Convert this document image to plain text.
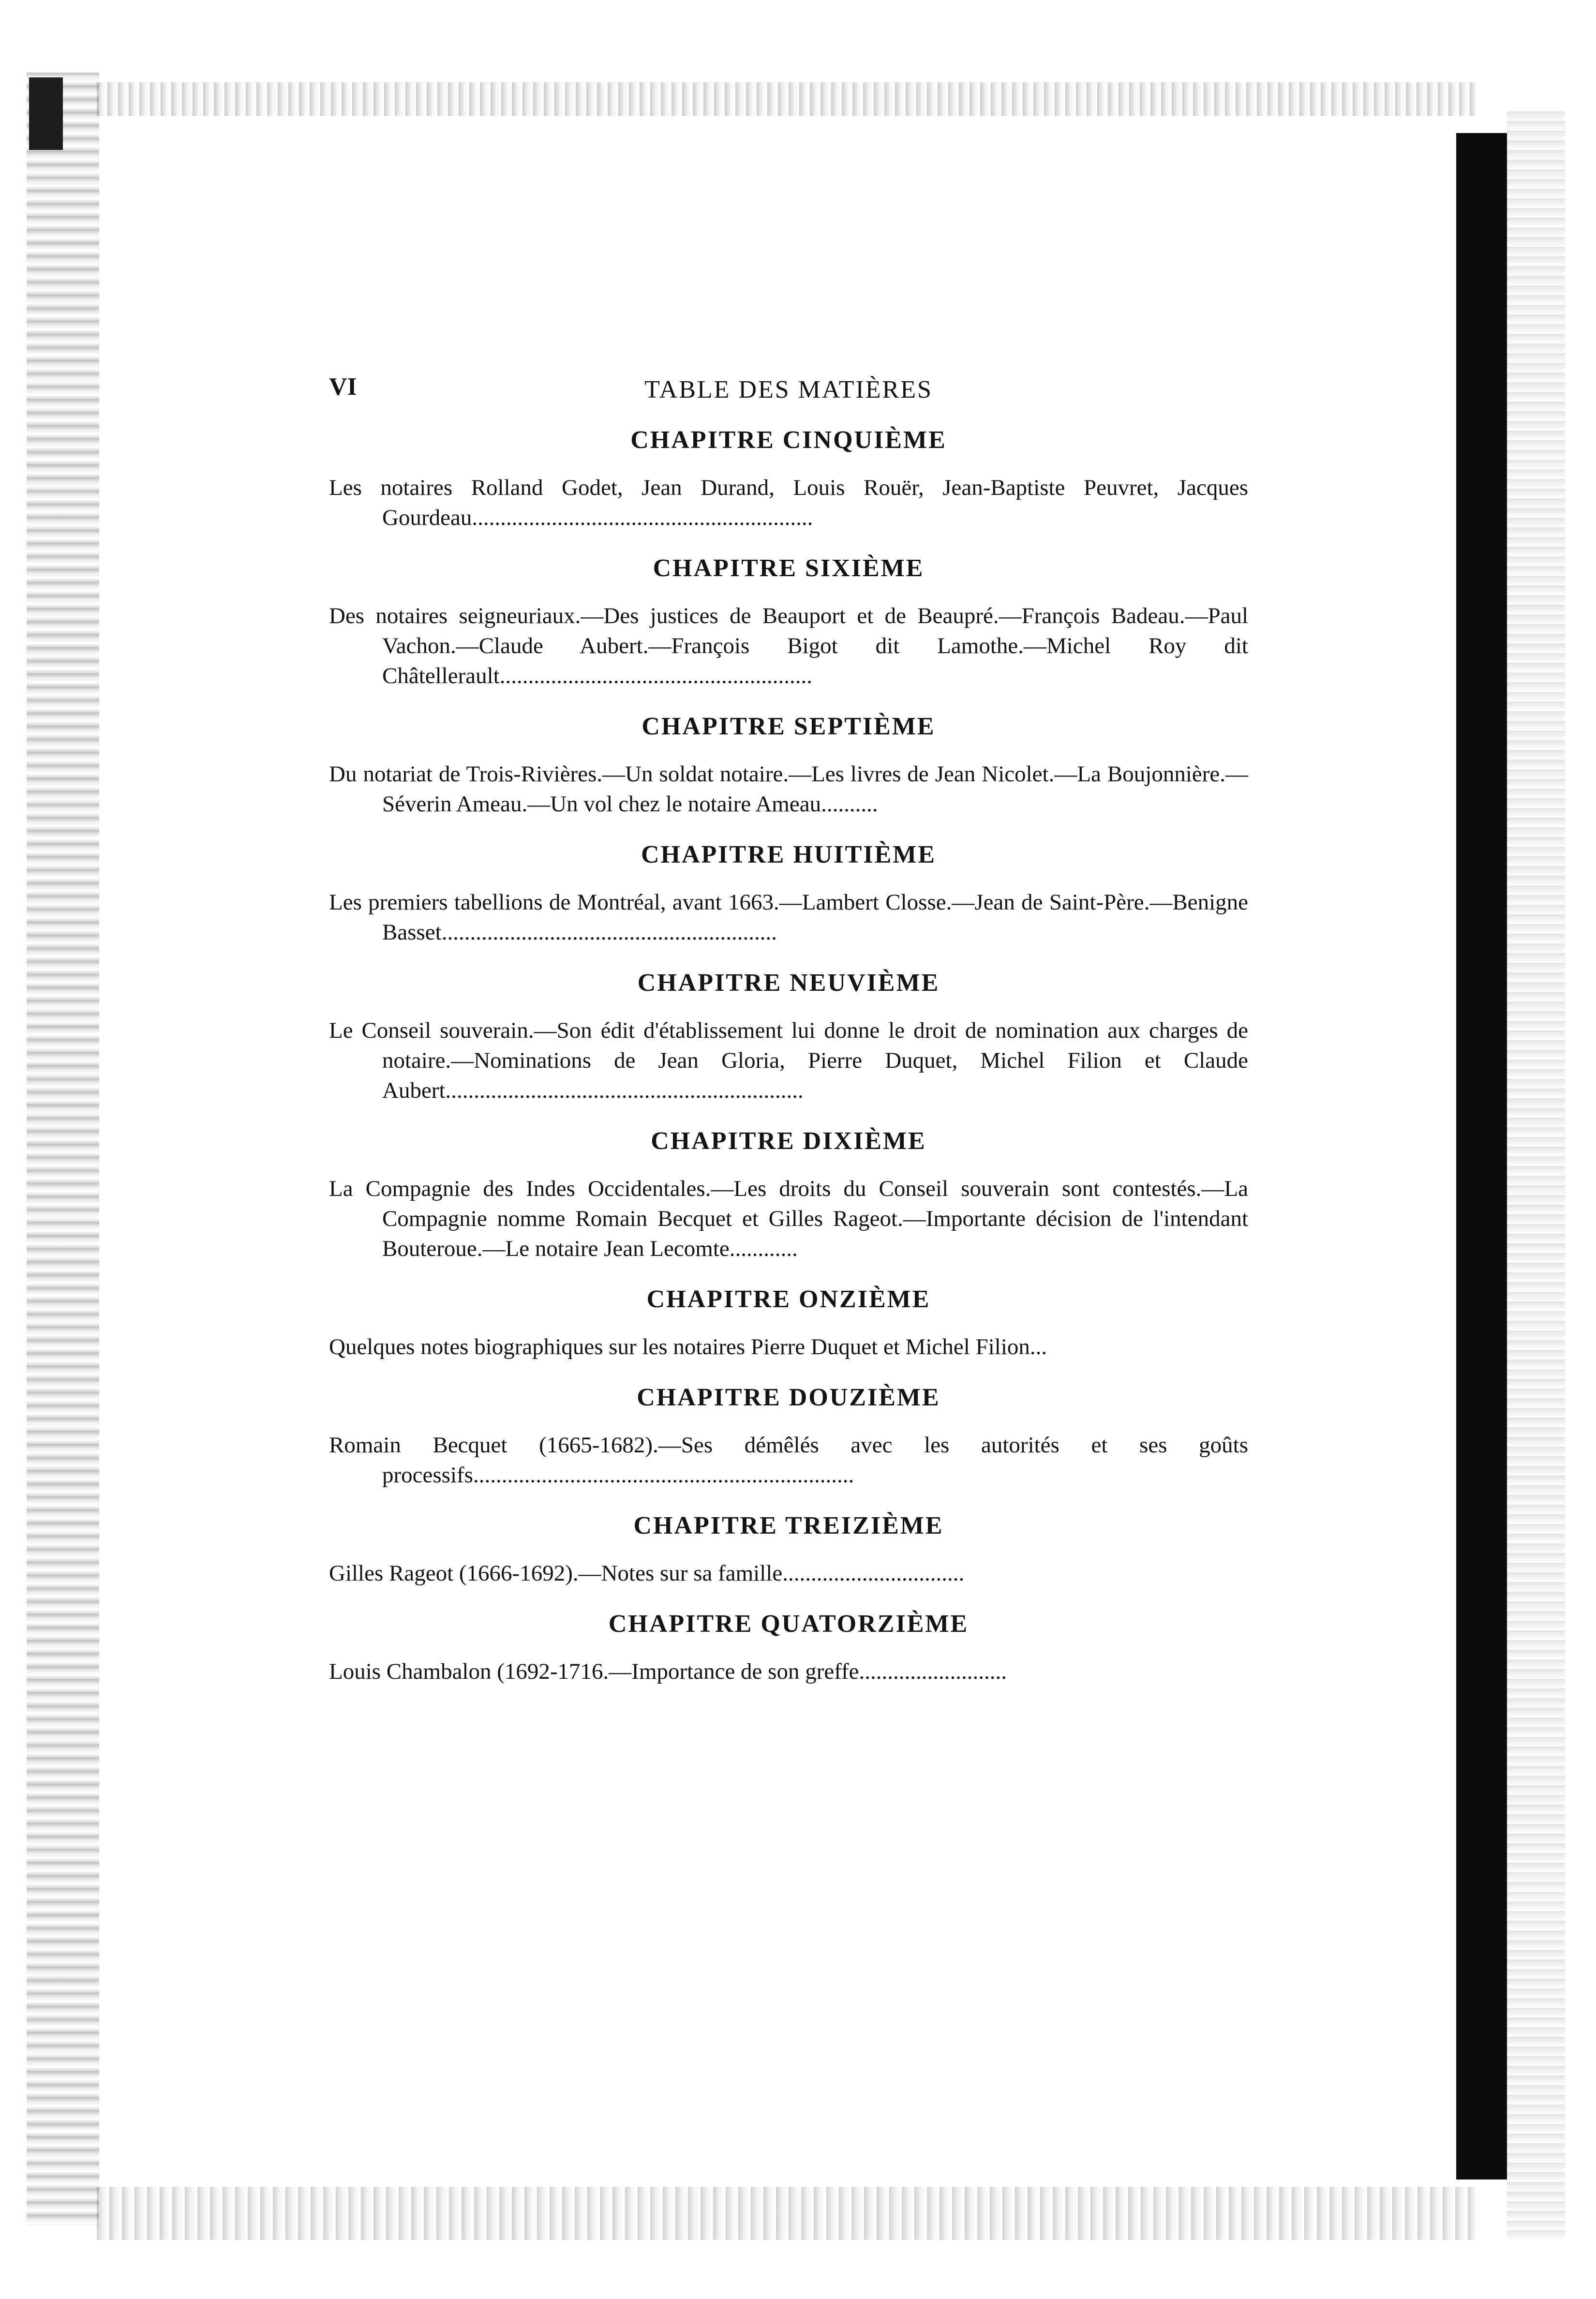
VI	TABLE DES MATIÈRES
CHAPITRE CINQUIÈME

Les notaires Rolland Godet, Jean Durand, Louis Rouër, Jean-Baptiste Peuvret, Jacques Gourdeau............................................................

CHAPITRE SIXIÈME

Des notaires seigneuriaux.—Des justices de Beauport et de Beaupré.—François Badeau.—Paul Vachon.—Claude Aubert.—François Bigot dit Lamothe.—Michel Roy dit Châtellerault.......................................................

CHAPITRE SEPTIÈME

Du notariat de Trois-Rivières.—Un soldat notaire.—Les livres de Jean Nicolet.—La Boujonnière.—Séverin Ameau.—Un vol chez le notaire Ameau..........

CHAPITRE HUITIÈME

Les premiers tabellions de Montréal, avant 1663.—Lambert Closse.—Jean de Saint-Père.—Benigne Basset...........................................................

CHAPITRE NEUVIÈME

Le Conseil souverain.—Son édit d'établissement lui donne le droit de nomination aux charges de notaire.—Nominations de Jean Gloria, Pierre Duquet, Michel Filion et Claude Aubert...............................................................

CHAPITRE DIXIÈME

La Compagnie des Indes Occidentales.—Les droits du Conseil souverain sont contestés.—La Compagnie nomme Romain Becquet et Gilles Rageot.—Importante décision de l'intendant Bouteroue.—Le notaire Jean Lecomte............

CHAPITRE ONZIÈME

Quelques notes biographiques sur les notaires Pierre Duquet et Michel Filion...

CHAPITRE DOUZIÈME

Romain Becquet (1665-1682).—Ses démêlés avec les autorités et ses goûts processifs...................................................................

CHAPITRE TREIZIÈME

Gilles Rageot (1666-1692).—Notes sur sa famille................................

CHAPITRE QUATORZIÈME

Louis Chambalon (1692-1716.—Importance de son greffe..........................
